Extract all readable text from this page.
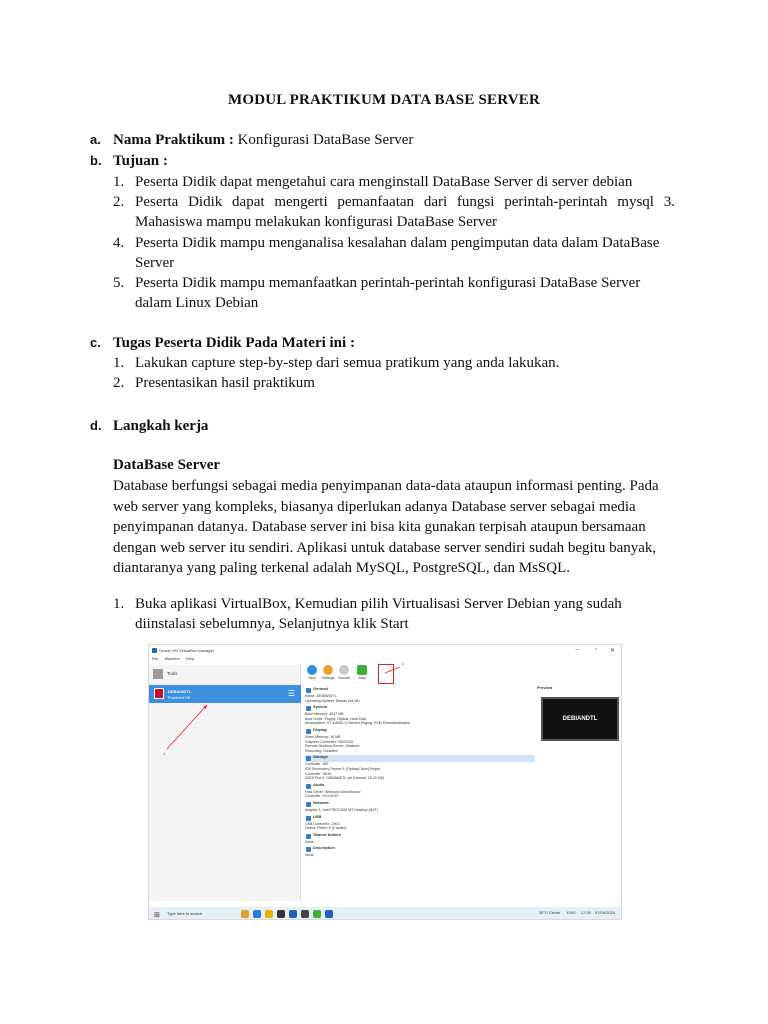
MODUL PRAKTIKUM DATA BASE SERVER
a. Nama Praktikum : Konfigurasi DataBase Server
b. Tujuan :
1. Peserta Didik dapat mengetahui cara menginstall DataBase Server di server debian
2. Peserta Didik dapat mengerti pemanfaatan dari fungsi perintah-perintah mysql 3. Mahasiswa mampu melakukan konfigurasi DataBase Server
4. Peserta Didik mampu menganalisa kesalahan dalam pengimputan data dalam DataBase Server
5. Peserta Didik mampu memanfaatkan perintah-perintah konfigurasi DataBase Server dalam Linux Debian
c. Tugas Peserta Didik Pada Materi ini :
1. Lakukan capture step-by-step dari semua pratikum yang anda lakukan.
2. Presentasikan hasil praktikum
d. Langkah kerja
DataBase Server
Database berfungsi sebagai media penyimpanan data-data ataupun informasi penting. Pada web server yang kompleks, biasanya diperlukan adanya Database server sebagai media penyimpanan datanya. Database server ini bisa kita gunakan terpisah ataupun bersamaan dengan web server itu sendiri. Aplikasi untuk database server sendiri sudah begitu banyak, diantaranya yang paling terkenal adalah MySQL, PostgreSQL, dan MsSQL.
1. Buka aplikasi VirtualBox, Kemudian pilih Virtualisasi Server Debian yang sudah diinstalasi sebelumnya, Selanjutnya klik Start
Oracle VM VirtualBox Manager	–	▫ ✕
File Machine Help
Tools
DEBIANDTL
Powered Off	☰
New	Settings	Discard	Start
General
Name: DEBIANDTL
Operating System: Debian (64-bit)
System
Base Memory: 4047 MB
Boot Order: Floppy, Optical, Hard Disk
Acceleration: VT-x/AMD-V, Nested Paging, KVM Paravirtualization
Display
Video Memory: 16 MB
Graphics Controller: VMSVGA
Remote Desktop Server: Disabled
Recording: Disabled
Storage
Controller: IDE
IDE Secondary Device 0: [Optical Drive] Empty
Controller: SATA
SATA Port 0: DEBIANDTL.vdi (Normal, 15,43 GB)
Audio
Host Driver: Windows DirectSound
Controller: ICH AC97
Network
Adapter 1: Intel PRO/1000 MT Desktop (NAT)
USB
USB Controller: OHCI
Device Filters: 0 (0 active)
Shared folders
None
Description
None
Preview
DEBIANDTL
⊞ Type here to search	30°C Cerah ENG 17:30 07/06/2024
1
2
